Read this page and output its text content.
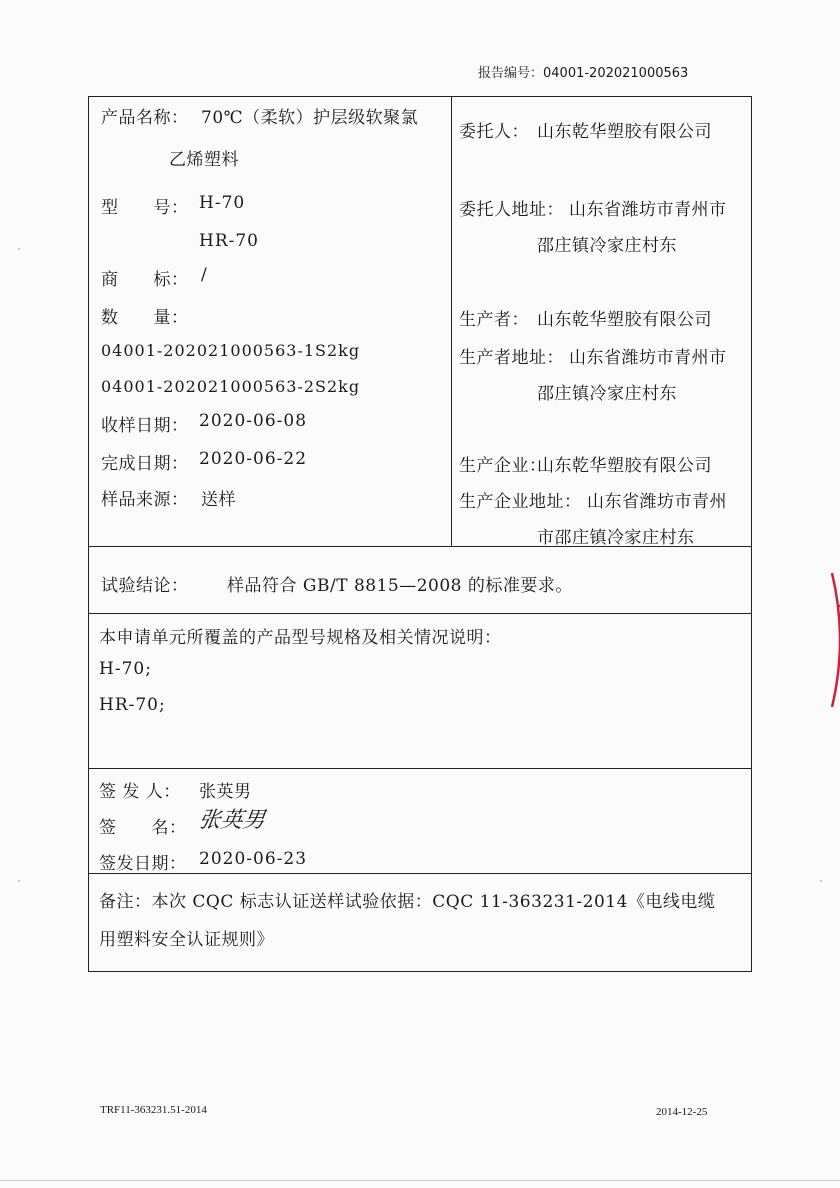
报告编号：04001-202021000563
产品名称： 70℃（柔软）护层级软聚氯
乙烯塑料
型　　号： H-70
HR-70
商　　标： /
数　　量：
04001-202021000563-1S 2kg
04001-202021000563-2S 2kg
收样日期： 2020-06-08
完成日期： 2020-06-22
样品来源： 送样
委托人： 山东乾华塑胶有限公司
委托人地址： 山东省潍坊市青州市
邵庄镇冷家庄村东
生产者： 山东乾华塑胶有限公司
生产者地址： 山东省潍坊市青州市
邵庄镇冷家庄村东
生产企业：
山东乾华塑胶有限公司
生产企业地址： 山东省潍坊市青州
市邵庄镇冷家庄村东
试验结论： 样品符合 GB/T 8815—2008 的标准要求。
本申请单元所覆盖的产品型号规格及相关情况说明：
H-70;
HR-70;
签 发 人： 张英男
签　　名： 张英男
签发日期： 2020-06-23
备注：本次 CQC 标志认证送样试验依据：CQC 11-363231-2014《电线电缆
用塑料安全认证规则》
TRF11-363231.51-2014	2014-12-25
